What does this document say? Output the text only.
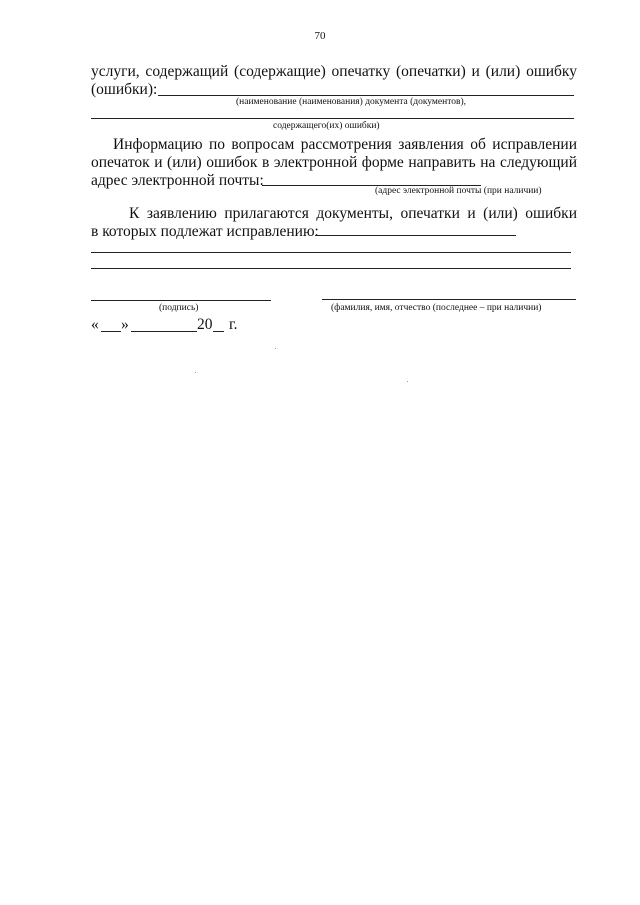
70
услуги, содержащий (содержащие) опечатку (опечатки) и (или) ошибку
(ошибки):
(наименование (наименования) документа (документов),
содержащего(их) ошибки)
Информацию по вопросам рассмотрения заявления об исправлении
опечаток и (или) ошибок в электронной форме направить на следующий
адрес электронной почты:
(адрес электронной почты (при наличии)
К заявлению прилагаются документы, опечатки и (или) ошибки
в которых подлежат исправлению:
(подпись)	(фамилия, имя, отчество (последнее – при наличии)
« »	20 г.
